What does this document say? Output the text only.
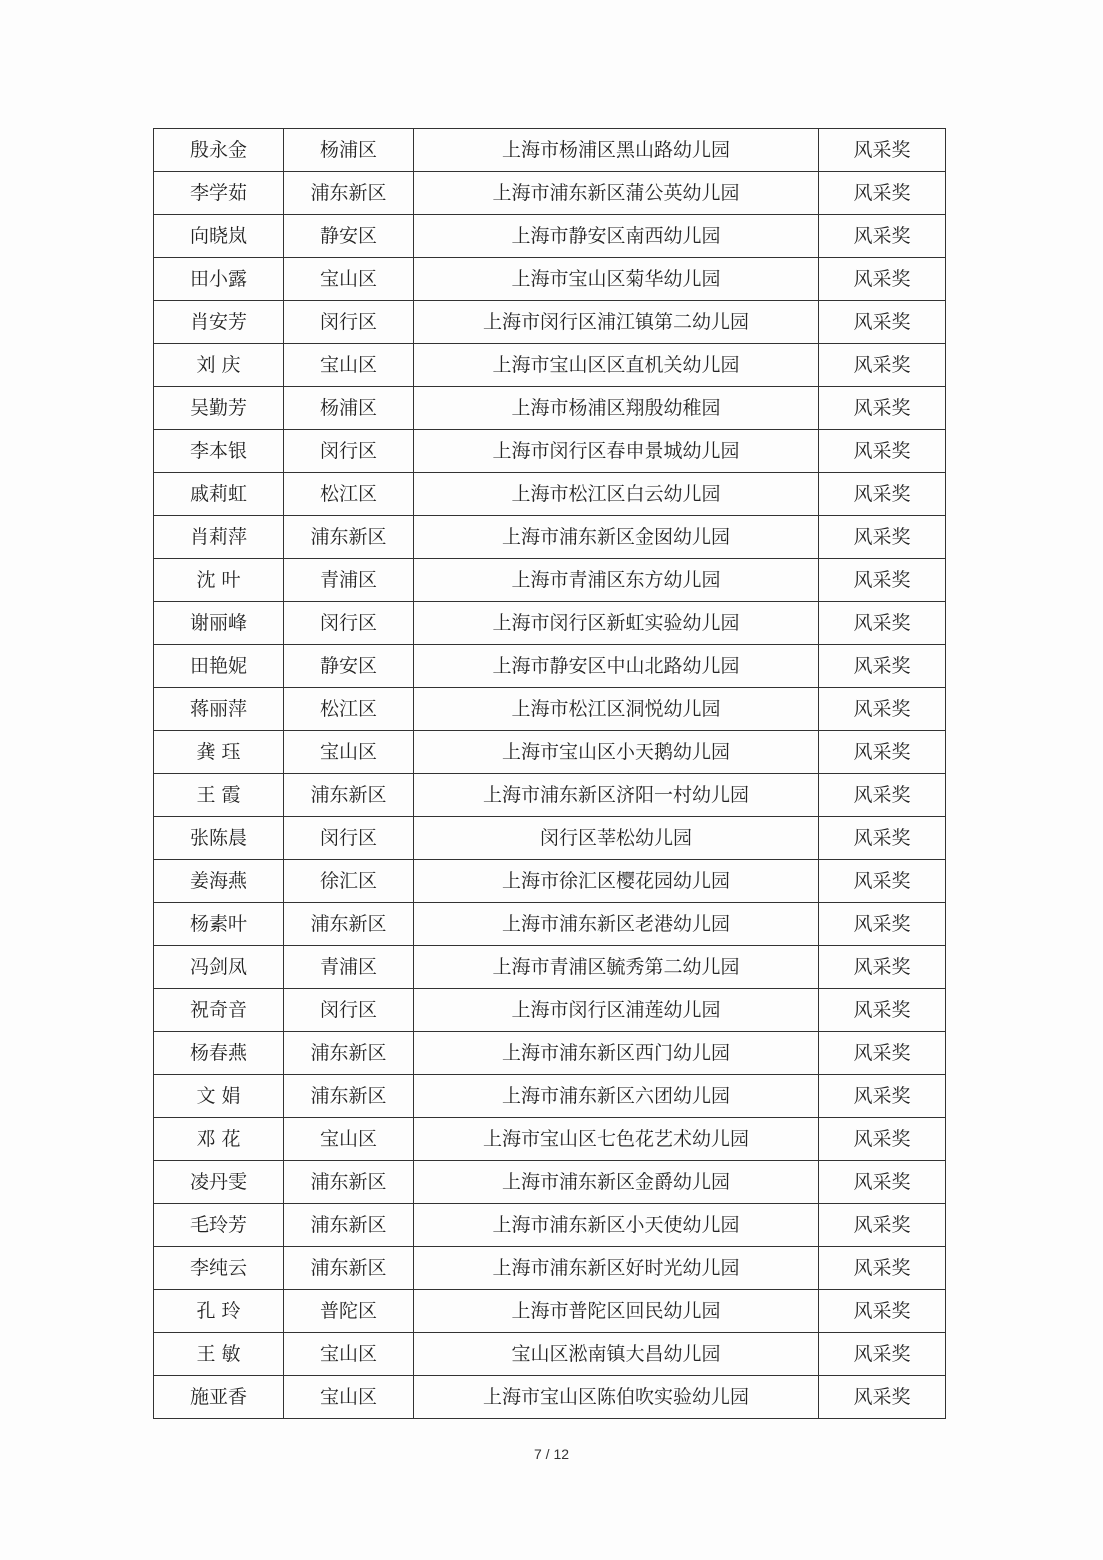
殷永金	杨浦区	上海市杨浦区黑山路幼儿园	风采奖
李学茹	浦东新区	上海市浦东新区蒲公英幼儿园	风采奖
向晓岚	静安区	上海市静安区南西幼儿园	风采奖
田小露	宝山区	上海市宝山区菊华幼儿园	风采奖
肖安芳	闵行区	上海市闵行区浦江镇第二幼儿园	风采奖
刘 庆	宝山区	上海市宝山区区直机关幼儿园	风采奖
吴勤芳	杨浦区	上海市杨浦区翔殷幼稚园	风采奖
李本银	闵行区	上海市闵行区春申景城幼儿园	风采奖
戚莉虹	松江区	上海市松江区白云幼儿园	风采奖
肖莉萍	浦东新区	上海市浦东新区金囡幼儿园	风采奖
沈 叶	青浦区	上海市青浦区东方幼儿园	风采奖
谢丽峰	闵行区	上海市闵行区新虹实验幼儿园	风采奖
田艳妮	静安区	上海市静安区中山北路幼儿园	风采奖
蒋丽萍	松江区	上海市松江区洞悦幼儿园	风采奖
龚 珏	宝山区	上海市宝山区小天鹅幼儿园	风采奖
王 霞	浦东新区	上海市浦东新区济阳一村幼儿园	风采奖
张陈晨	闵行区	闵行区莘松幼儿园	风采奖
姜海燕	徐汇区	上海市徐汇区樱花园幼儿园	风采奖
杨素叶	浦东新区	上海市浦东新区老港幼儿园	风采奖
冯剑凤	青浦区	上海市青浦区毓秀第二幼儿园	风采奖
祝奇音	闵行区	上海市闵行区浦莲幼儿园	风采奖
杨春燕	浦东新区	上海市浦东新区西门幼儿园	风采奖
文 娟	浦东新区	上海市浦东新区六团幼儿园	风采奖
邓 花	宝山区	上海市宝山区七色花艺术幼儿园	风采奖
凌丹雯	浦东新区	上海市浦东新区金爵幼儿园	风采奖
毛玲芳	浦东新区	上海市浦东新区小天使幼儿园	风采奖
李纯云	浦东新区	上海市浦东新区好时光幼儿园	风采奖
孔 玲	普陀区	上海市普陀区回民幼儿园	风采奖
王 敏	宝山区	宝山区淞南镇大昌幼儿园	风采奖
施亚香	宝山区	上海市宝山区陈伯吹实验幼儿园	风采奖
7 / 12
